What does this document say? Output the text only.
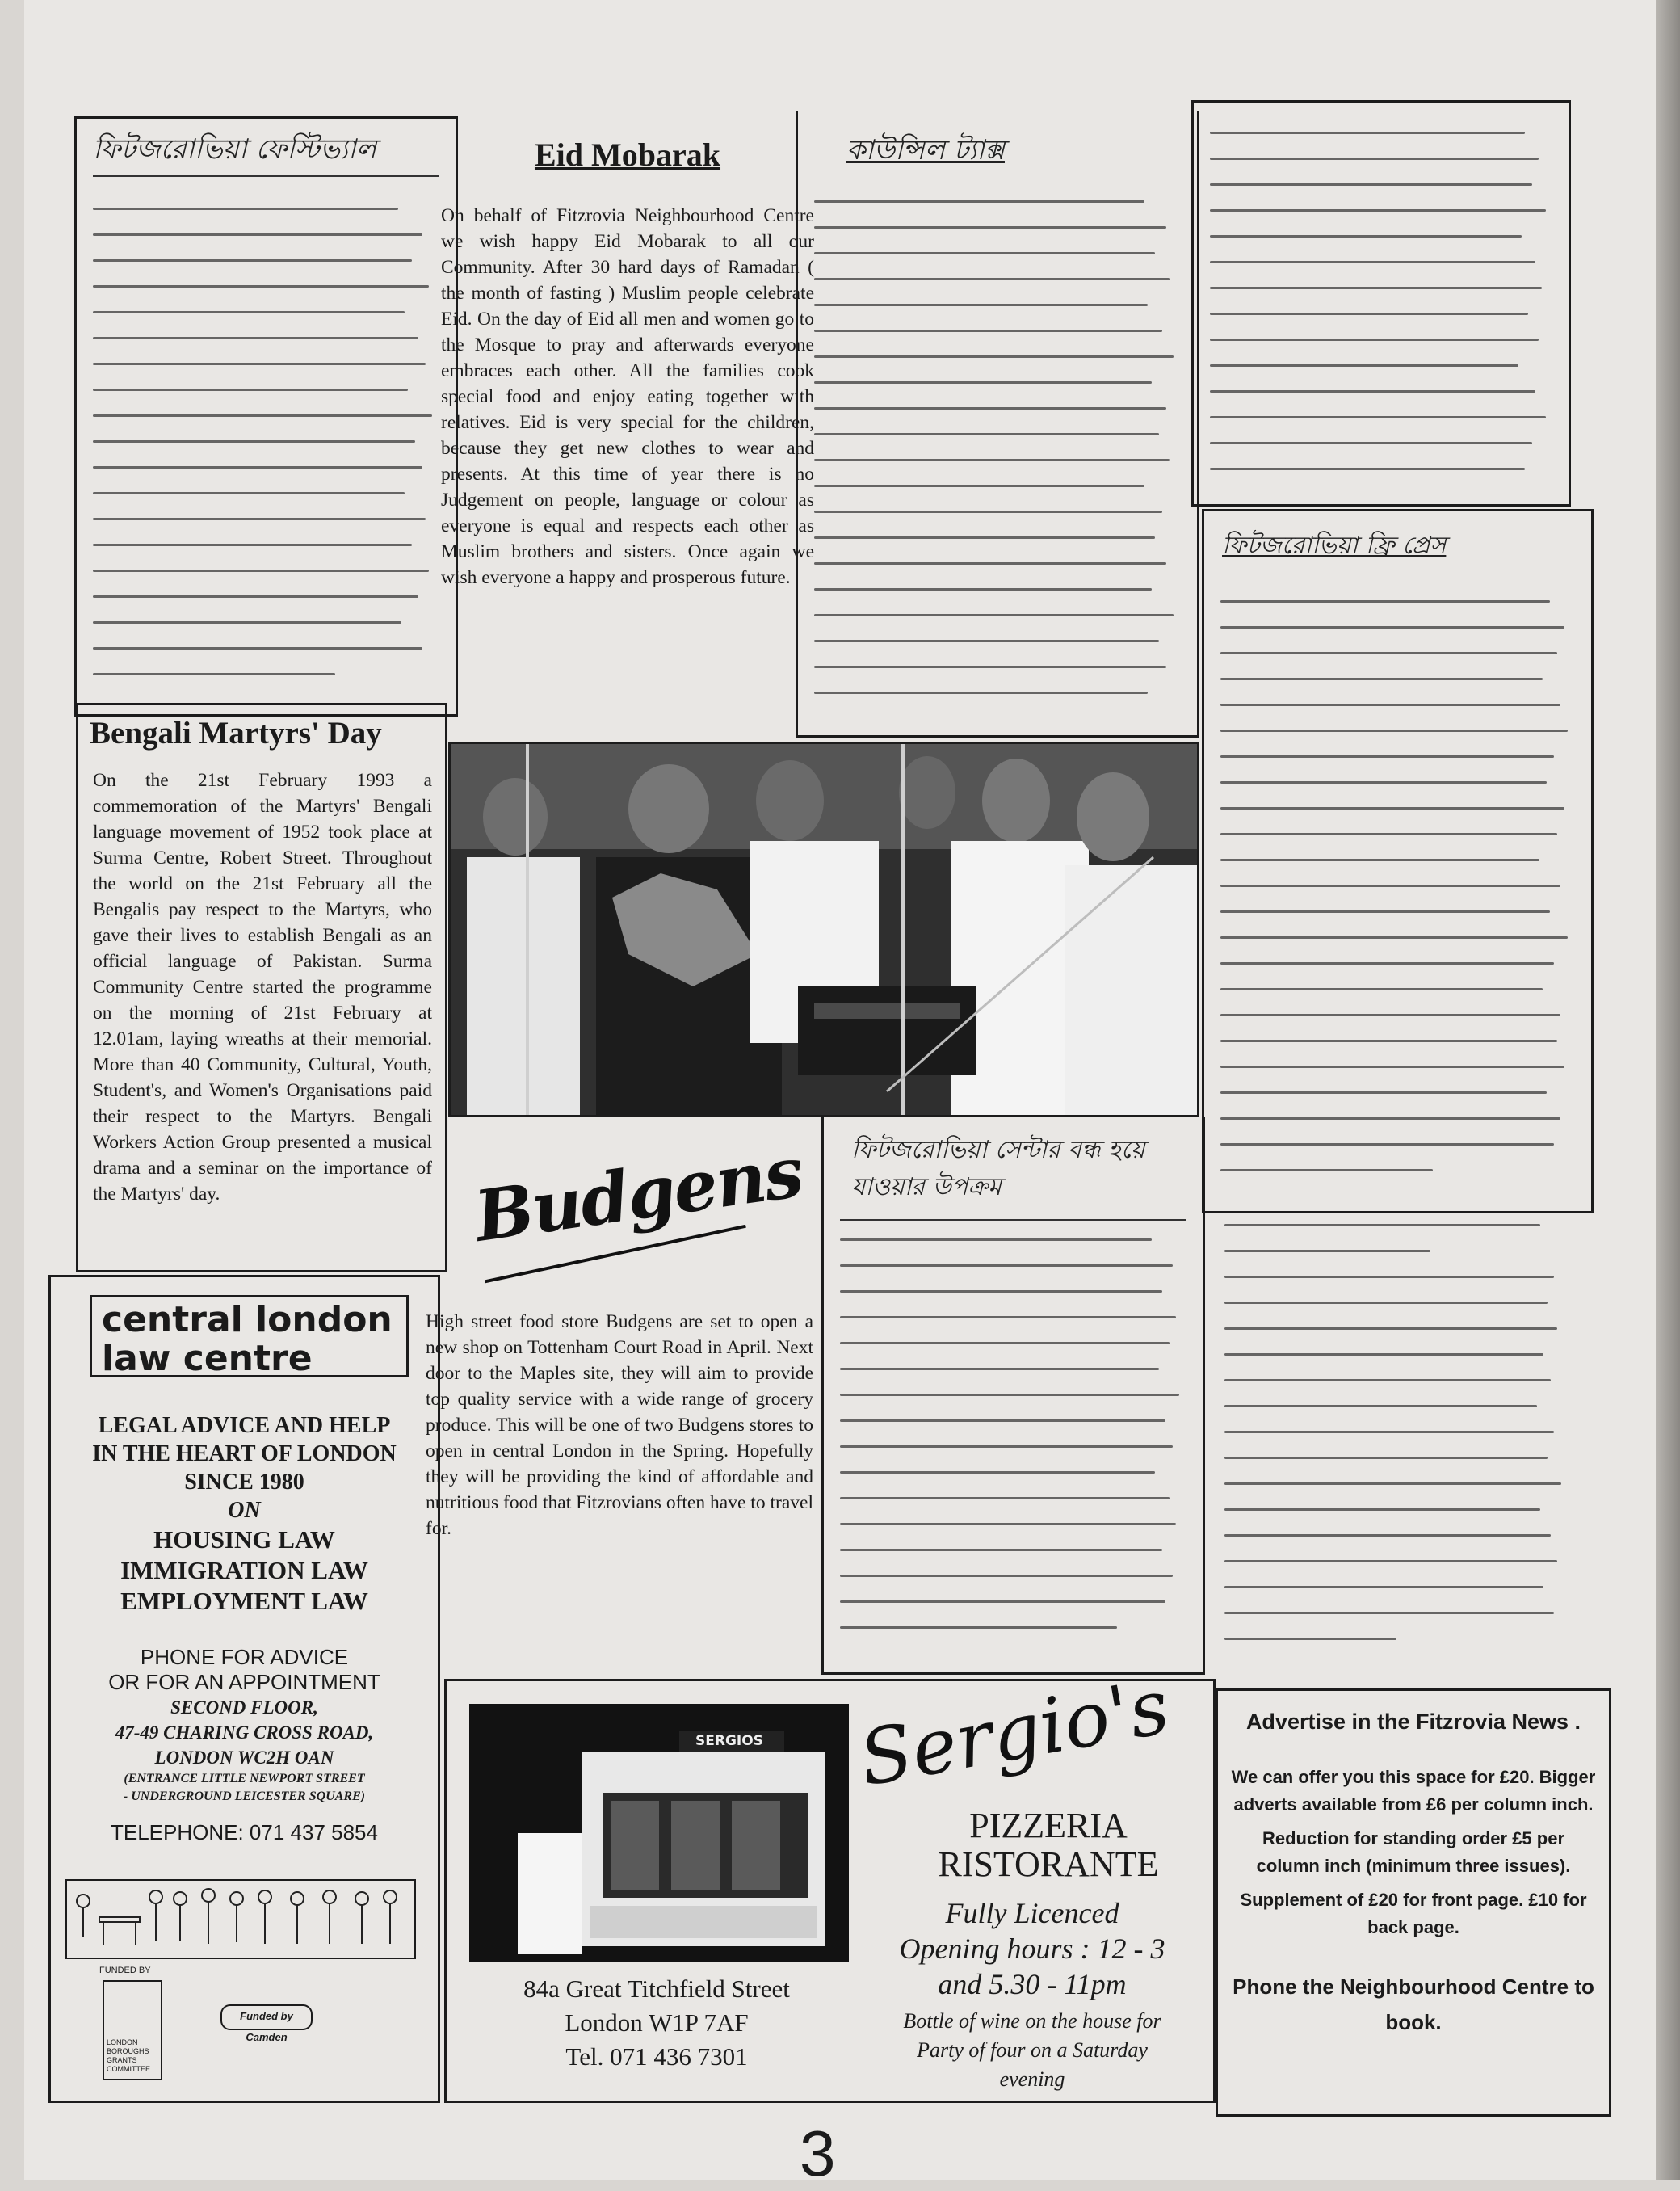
ফিটজরোভিয়া ফেস্টিভ্যাল	Eid Mobarak

On behalf of Fitzrovia Neighbourhood Centre we wish happy Eid Mobarak to all our Community. After 30 hard days of Ramadan ( the month of fasting ) Muslim people celebrate Eid. On the day of Eid all men and women go to the Mosque to pray and afterwards everyone embraces each other. All the families cook special food and enjoy eating together with relatives. Eid is very special for the children, because they get new clothes to wear and presents. At this time of year there is no Judgement on people, language or colour as everyone is equal and respects each other as Muslim brothers and sisters. Once again we wish everyone a happy and prosperous future.

কাউন্সিল ট্যাক্স
ফিটজরোভিয়া ফ্রি প্রেস
Bengali Martyrs' Day

On the 21st February 1993 a commemoration of the Martyrs' Bengali language movement of 1952 took place at Surma Centre, Robert Street. Throughout the world on the 21st February all the Bengalis pay respect to the Martyrs, who gave their lives to establish Bengali as an official language of Pakistan. Surma Community Centre started the programme on the morning of 21st February at 12.01am, laying wreaths at their memorial. More than 40 Community, Cultural, Youth, Student's, and Women's Organisations paid their respect to the Martyrs. Bengali Workers Action Group presented a musical drama and a seminar on the importance of the Martyrs' day.

ফিটজরোভিয়া সেন্টার বন্ধ হয়ে যাওয়ার উপক্রম
Budgens

High street food store Budgens are set to open a new shop on Tottenham Court Road in April. Next door to the Maples site, they will aim to provide top quality service with a wide range of grocery produce. This will be one of two Budgens stores to open in central London in the Spring. Hopefully they will be providing the kind of affordable and nutritious food that Fitzrovians often have to travel for.

central london
law centre
LEGAL ADVICE AND HELP
IN THE HEART OF LONDON
SINCE 1980
ON
HOUSING LAW
IMMIGRATION LAW
EMPLOYMENT LAW
PHONE FOR ADVICE
OR FOR AN APPOINTMENT
SECOND FLOOR,
47-49 CHARING CROSS ROAD,
LONDON WC2H OAN
(ENTRANCE LITTLE NEWPORT STREET
- UNDERGROUND LEICESTER SQUARE)
TELEPHONE: 071 437 5854
FUNDED BY
LONDON BOROUGHS GRANTS COMMITTEE
Funded by Camden
SERGIOS
84a Great Titchfield Street
London W1P 7AF
Tel. 071 436 7301
Sergio's
PIZZERIA
RISTORANTE
Fully Licenced
Opening hours : 12 - 3
and 5.30 - 11pm
Bottle of wine on the house for
Party of four on a Saturday
evening
Advertise in the Fitzrovia News .
We can offer you this space for £20. Bigger adverts available from £6 per column inch.
Reduction for standing order £5 per column inch (minimum three issues).
Supplement of £20 for front page. £10 for back page.
Phone the Neighbourhood Centre to book.
3
